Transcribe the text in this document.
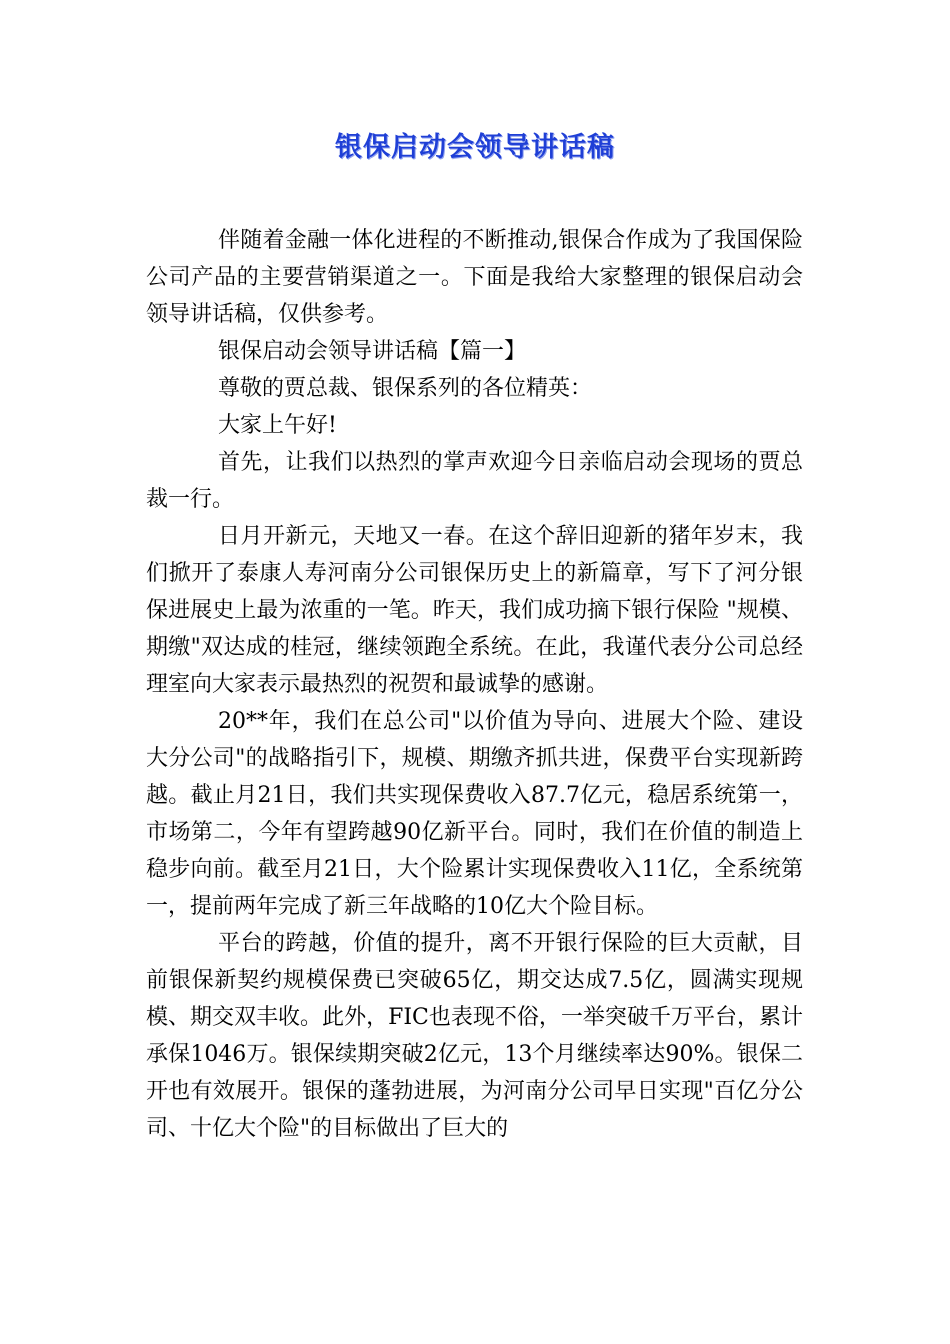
银保启动会领导讲话稿

伴随着金融一体化进程的不断推动,银保合作成为了我国保险公司产品的主要营销渠道之一。下面是我给大家整理的银保启动会领导讲话稿，仅供参考。

银保启动会领导讲话稿【篇一】

尊敬的贾总裁、银保系列的各位精英：

大家上午好!

首先，让我们以热烈的掌声欢迎今日亲临启动会现场的贾总裁一行。

日月开新元，天地又一春。在这个辞旧迎新的猪年岁末，我们掀开了泰康人寿河南分公司银保历史上的新篇章，写下了河分银保进展史上最为浓重的一笔。昨天，我们成功摘下银行保险 "规模、期缴"双达成的桂冠，继续领跑全系统。在此，我谨代表分公司总经理室向大家表示最热烈的祝贺和最诚挚的感谢。

20**年，我们在总公司"以价值为导向、进展大个险、建设大分公司"的战略指引下，规模、期缴齐抓共进，保费平台实现新跨越。截止月21日，我们共实现保费收入87.7亿元，稳居系统第一，市场第二，今年有望跨越90亿新平台。同时，我们在价值的制造上稳步向前。截至月21日，大个险累计实现保费收入11亿，全系统第一，提前两年完成了新三年战略的10亿大个险目标。

平台的跨越，价值的提升，离不开银行保险的巨大贡献，目前银保新契约规模保费已突破65亿，期交达成7.5亿，圆满实现规模、期交双丰收。此外，FIC也表现不俗，一举突破千万平台，累计承保1046万。银保续期突破2亿元，13个月继续率达90%。银保二开也有效展开。银保的蓬勃进展，为河南分公司早日实现"百亿分公司、十亿大个险"的目标做出了巨大的
